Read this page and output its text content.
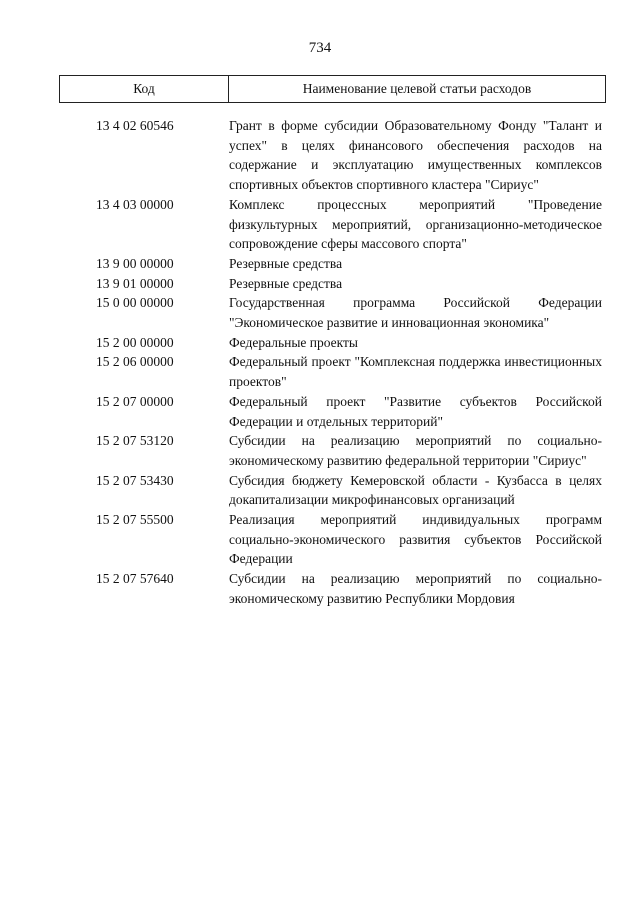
734
Код	Наименование целевой статьи расходов
13 4 02 60546	Грант в форме субсидии Образовательному Фонду "Талант и успех" в целях финансового обеспечения расходов на содержание и эксплуатацию имущественных комплексов спортивных объектов спортивного кластера "Сириус"
13 4 03 00000	Комплекс процессных мероприятий "Проведение физкультурных мероприятий, организационно-методическое сопровождение сферы массового спорта"
13 9 00 00000	Резервные средства
13 9 01 00000	Резервные средства
15 0 00 00000	Государственная программа Российской Федерации "Экономическое развитие и инновационная экономика"
15 2 00 00000	Федеральные проекты
15 2 06 00000	Федеральный проект "Комплексная поддержка инвестиционных проектов"
15 2 07 00000	Федеральный проект "Развитие субъектов Российской Федерации и отдельных территорий"
15 2 07 53120	Субсидии на реализацию мероприятий по социально-экономическому развитию федеральной территории "Сириус"
15 2 07 53430	Субсидия бюджету Кемеровской области - Кузбасса в целях докапитализации микрофинансовых организаций
15 2 07 55500	Реализация мероприятий индивидуальных программ социально-экономического развития субъектов Российской Федерации
15 2 07 57640	Субсидии на реализацию мероприятий по социально-экономическому развитию Республики Мордовия
